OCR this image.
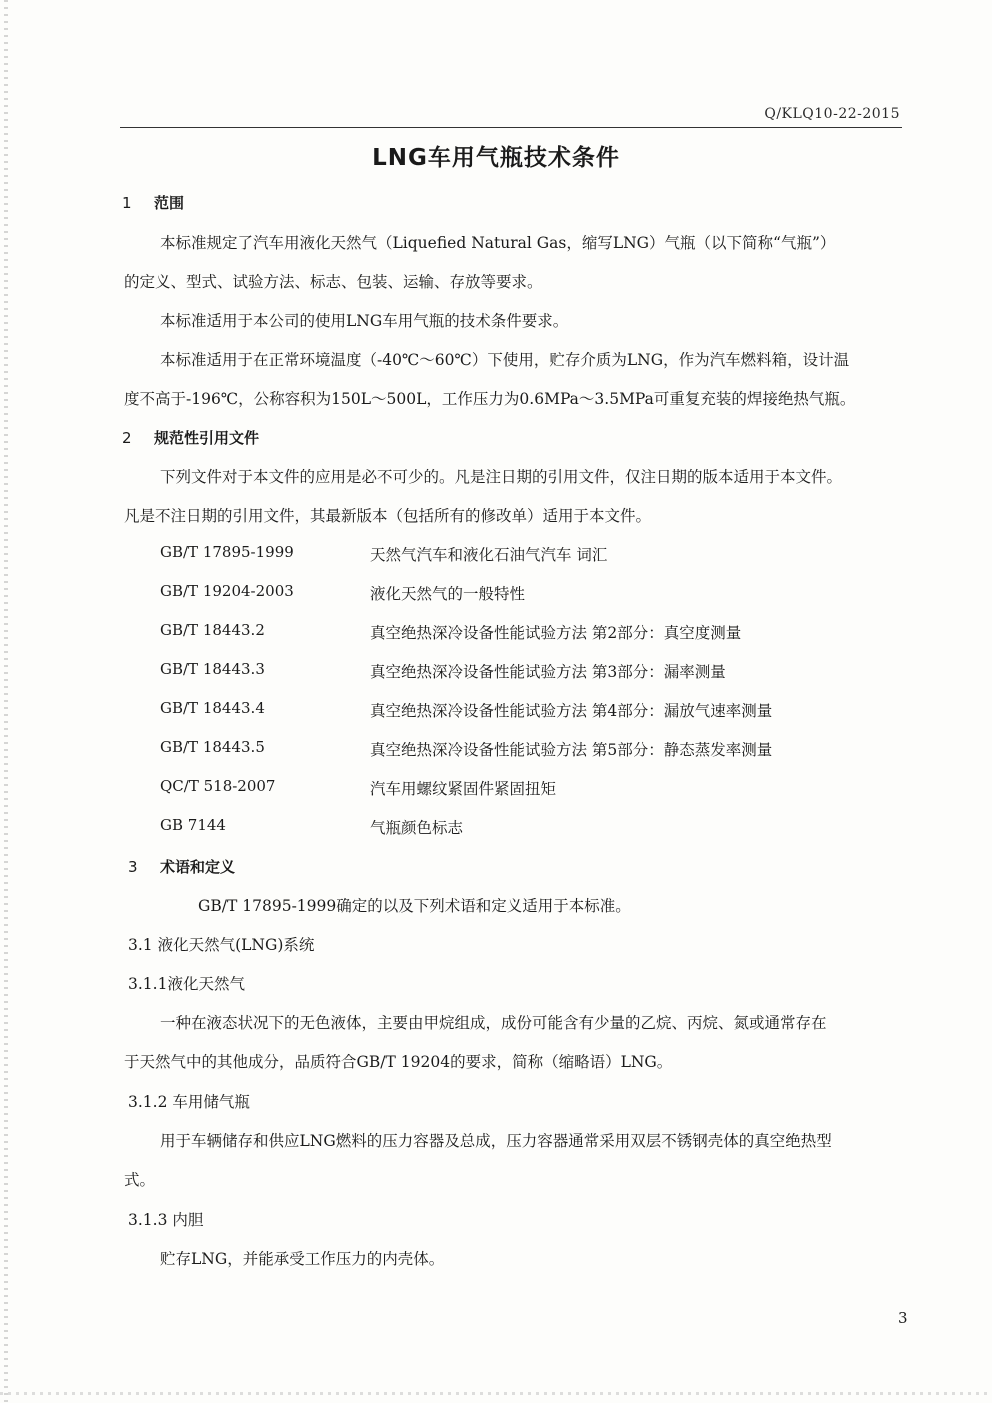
Q/KLQ10-22-2015
LNG车用气瓶技术条件
1 范围
本标准规定了汽车用液化天然气（Liquefied Natural Gas，缩写LNG）气瓶（以下简称“气瓶”）
的定义、型式、试验方法、标志、包装、运输、存放等要求。
本标准适用于本公司的使用LNG车用气瓶的技术条件要求。
本标准适用于在正常环境温度（-40℃～60℃）下使用，贮存介质为LNG，作为汽车燃料箱，设计温
度不高于-196℃，公称容积为150L～500L，工作压力为0.6MPa～3.5MPa可重复充装的焊接绝热气瓶。
2 规范性引用文件
下列文件对于本文件的应用是必不可少的。凡是注日期的引用文件，仅注日期的版本适用于本文件。
凡是不注日期的引用文件，其最新版本（包括所有的修改单）适用于本文件。
GB/T 17895-1999	天然气汽车和液化石油气汽车 词汇
GB/T 19204-2003	液化天然气的一般特性
GB/T 18443.2	真空绝热深冷设备性能试验方法 第2部分：真空度测量
GB/T 18443.3	真空绝热深冷设备性能试验方法 第3部分：漏率测量
GB/T 18443.4	真空绝热深冷设备性能试验方法 第4部分：漏放气速率测量
GB/T 18443.5	真空绝热深冷设备性能试验方法 第5部分：静态蒸发率测量
QC/T 518-2007	汽车用螺纹紧固件紧固扭矩
GB 7144	气瓶颜色标志
3 术语和定义
GB/T 17895-1999确定的以及下列术语和定义适用于本标准。
3.1 液化天然气(LNG)系统
3.1.1液化天然气
一种在液态状况下的无色液体，主要由甲烷组成，成份可能含有少量的乙烷、丙烷、氮或通常存在
于天然气中的其他成分，品质符合GB/T 19204的要求，简称（缩略语）LNG。
3.1.2 车用储气瓶
用于车辆储存和供应LNG燃料的压力容器及总成，压力容器通常采用双层不锈钢壳体的真空绝热型
式。
3.1.3 内胆
贮存LNG，并能承受工作压力的内壳体。
3
